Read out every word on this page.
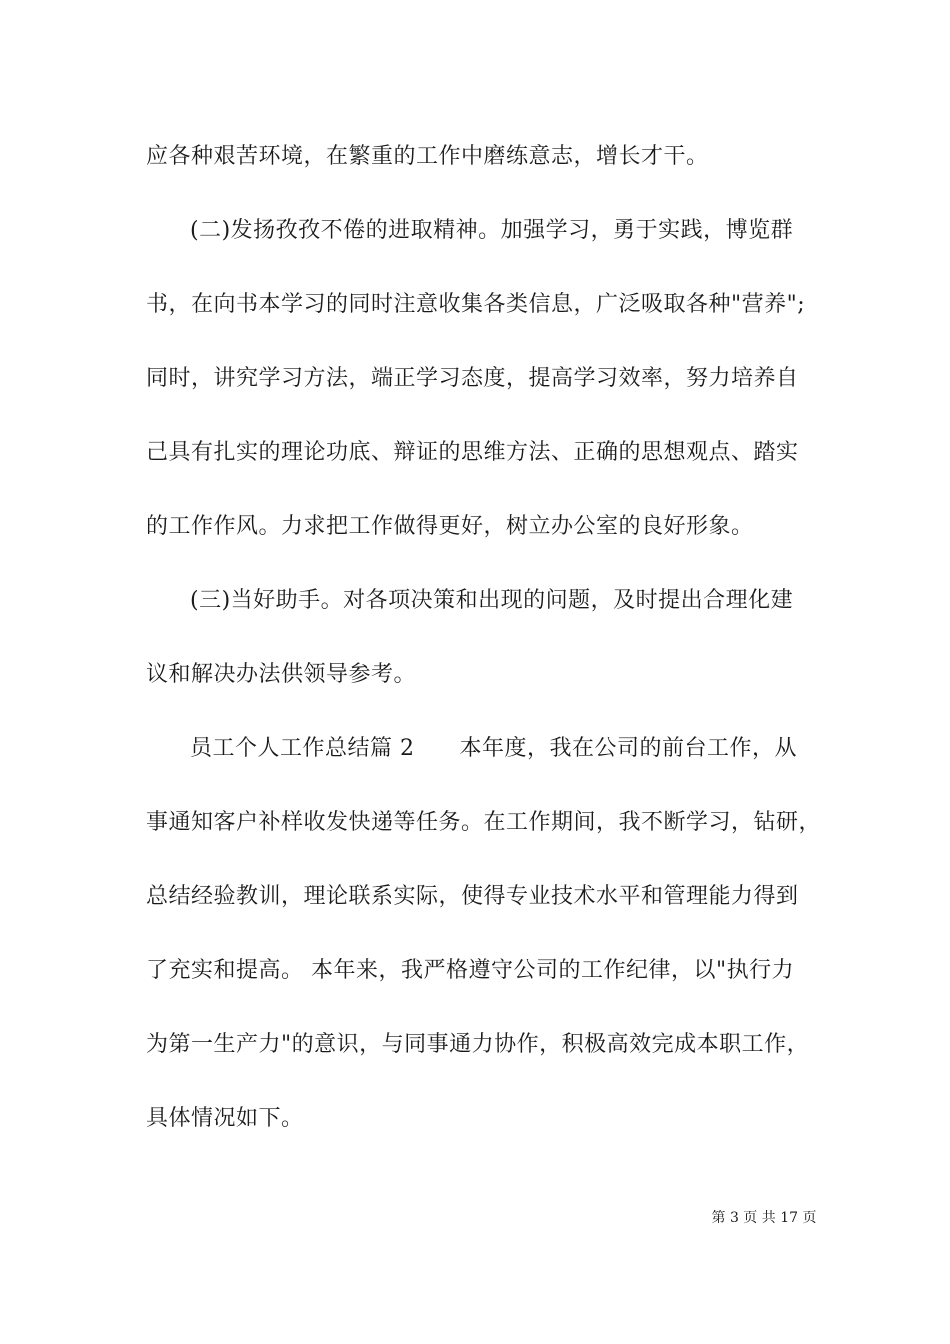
应各种艰苦环境，在繁重的工作中磨练意志，增长才干。
(二)发扬孜孜不倦的进取精神。加强学习，勇于实践，博览群
书，在向书本学习的同时注意收集各类信息，广泛吸取各种"营养";
同时，讲究学习方法，端正学习态度，提高学习效率，努力培养自
己具有扎实的理论功底、辩证的思维方法、正确的思想观点、踏实
的工作作风。力求把工作做得更好，树立办公室的良好形象。
(三)当好助手。对各项决策和出现的问题，及时提出合理化建
议和解决办法供领导参考。
员工个人工作总结篇 2　　本年度，我在公司的前台工作，从
事通知客户补样收发快递等任务。在工作期间，我不断学习，钻研，
总结经验教训，理论联系实际，使得专业技术水平和管理能力得到
了充实和提高。 本年来，我严格遵守公司的工作纪律，以"执行力
为第一生产力"的意识，与同事通力协作，积极高效完成本职工作，
具体情况如下。
第 3 页 共 17 页
